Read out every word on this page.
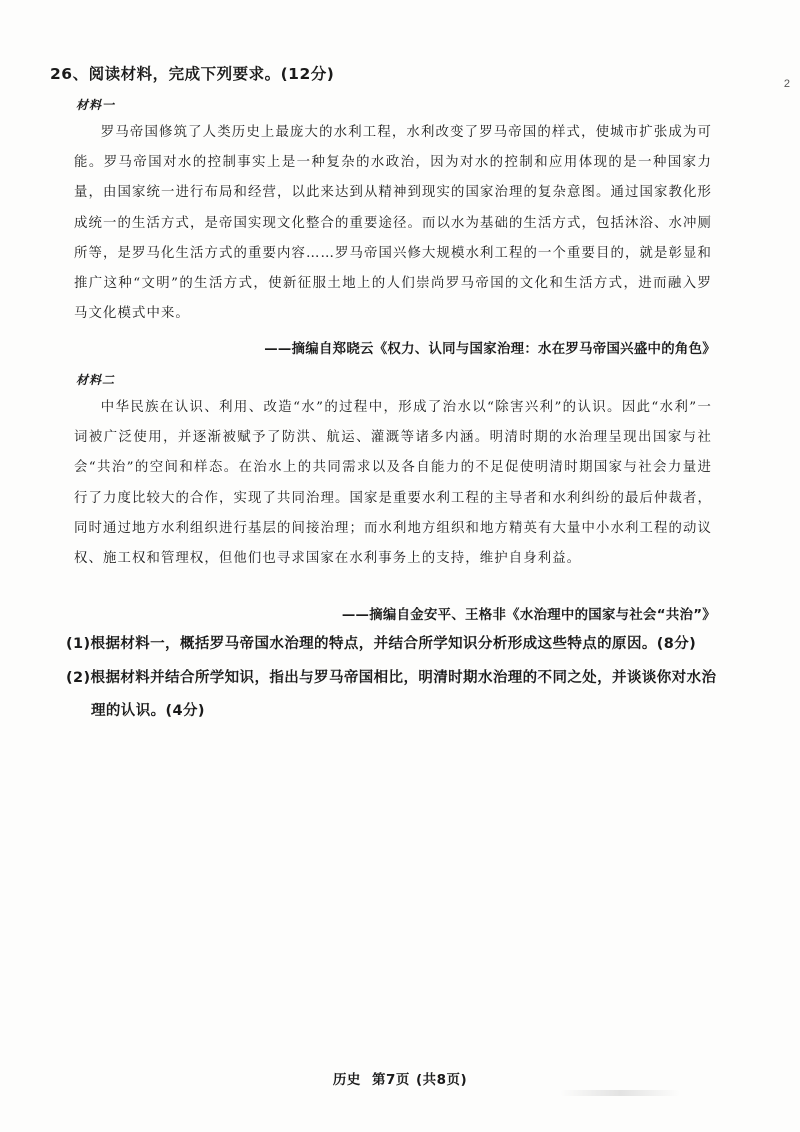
2
26、阅读材料，完成下列要求。(12分)
材料一

罗马帝国修筑了人类历史上最庞大的水利工程，水利改变了罗马帝国的样式，使城市扩张成为可能。罗马帝国对水的控制事实上是一种复杂的水政治，因为对水的控制和应用体现的是一种国家力量，由国家统一进行布局和经营，以此来达到从精神到现实的国家治理的复杂意图。通过国家教化形成统一的生活方式，是帝国实现文化整合的重要途径。而以水为基础的生活方式，包括沐浴、水冲厕所等，是罗马化生活方式的重要内容……罗马帝国兴修大规模水利工程的一个重要目的，就是彰显和推广这种“文明”的生活方式，使新征服土地上的人们崇尚罗马帝国的文化和生活方式，进而融入罗马文化模式中来。

——摘编自郑晓云《权力、认同与国家治理：水在罗马帝国兴盛中的角色》
材料二

中华民族在认识、利用、改造“水”的过程中，形成了治水以“除害兴利”的认识。因此“水利”一词被广泛使用，并逐渐被赋予了防洪、航运、灌溉等诸多内涵。明清时期的水治理呈现出国家与社会“共治”的空间和样态。在治水上的共同需求以及各自能力的不足促使明清时期国家与社会力量进行了力度比较大的合作，实现了共同治理。国家是重要水利工程的主导者和水利纠纷的最后仲裁者，同时通过地方水利组织进行基层的间接治理；而水利地方组织和地方精英有大量中小水利工程的动议权、施工权和管理权，但他们也寻求国家在水利事务上的支持，维护自身利益。

——摘编自金安平、王格非《水治理中的国家与社会“共治”》

(1)根据材料一，概括罗马帝国水治理的特点，并结合所学知识分析形成这些特点的原因。(8分)

(2)根据材料并结合所学知识，指出与罗马帝国相比，明清时期水治理的不同之处，并谈谈你对水治理的认识。(4分)

历史 第7页 (共8页)
